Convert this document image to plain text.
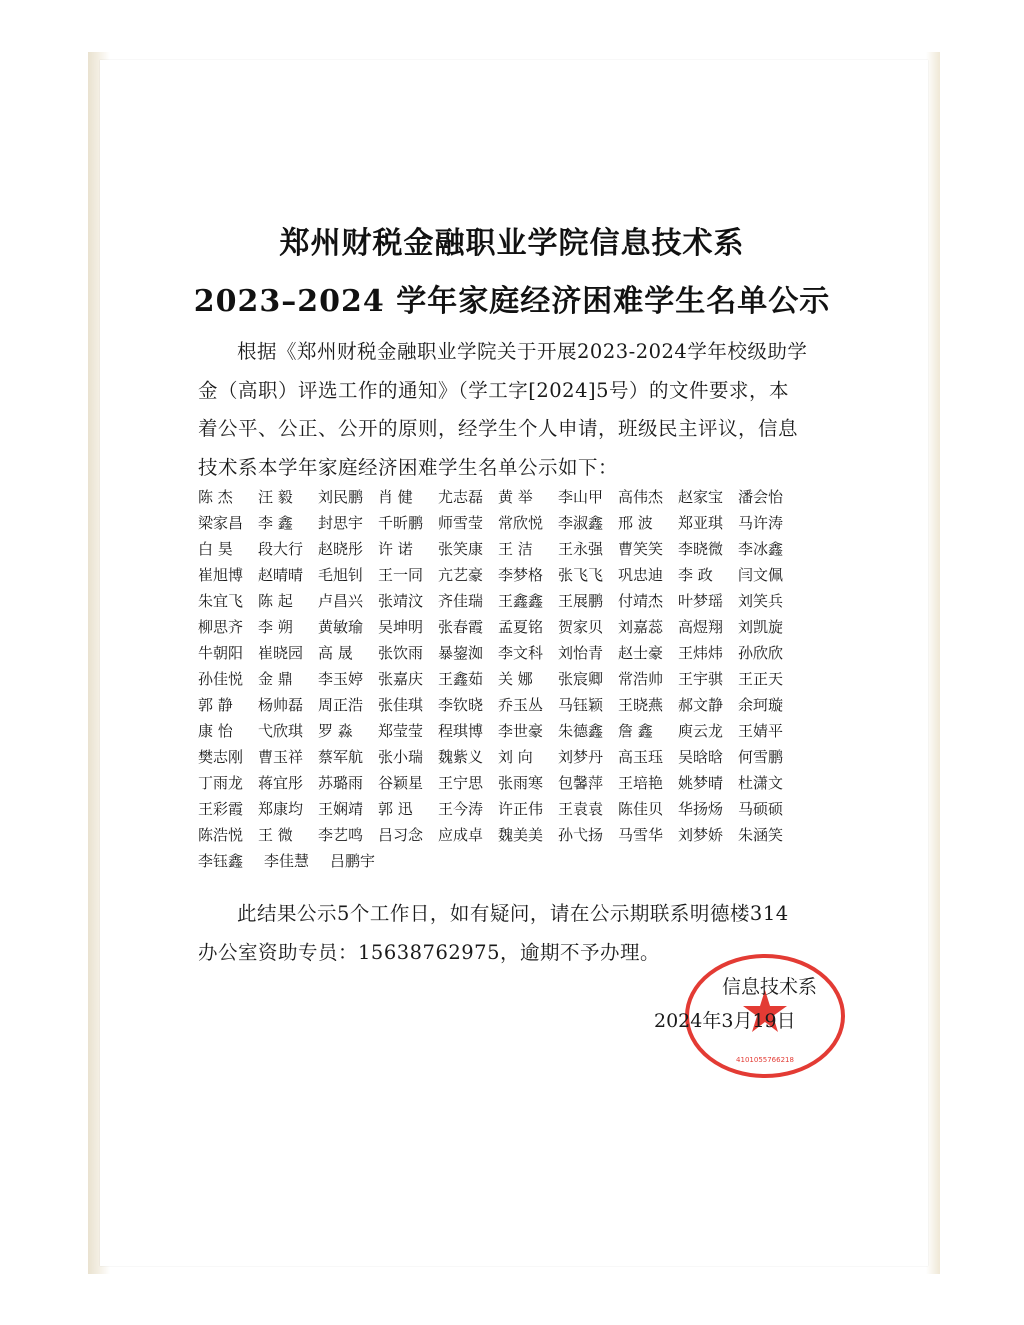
郑州财税金融职业学院信息技术系
2023–2024 学年家庭经济困难学生名单公示
根据《郑州财税金融职业学院关于开展2023-2024学年校级助学金（高职）评选工作的通知》（学工字[2024]5号）的文件要求，本着公平、公正、公开的原则，经学生个人申请，班级民主评议，信息技术系本学年家庭经济困难学生名单公示如下：
陈 杰	汪 毅	刘民鹏 肖 健	尤志磊 黄 举	李山甲 高伟杰 赵家宝 潘会怡
梁家昌 李 鑫	封思宇 千昕鹏 师雪莹 常欣悦 李淑鑫 邢 波	郑亚琪 马许涛
白 昊	段大行 赵晓彤 许 诺	张笑康 王 洁	王永强 曹笑笑 李晓微 李冰鑫
崔旭博 赵晴晴 毛旭钊 王一同 亢艺豪 李梦格 张飞飞 巩忠迪 李 政	闫文佩
朱宜飞 陈 起	卢昌兴 张靖汶 齐佳瑞 王鑫鑫 王展鹏 付靖杰 叶梦瑶 刘笑兵
柳思齐 李 朔	黄敏瑜 吴坤明 张春霞 孟夏铭 贺家贝 刘嘉蕊 高煜翔 刘凯旋
牛朝阳 崔晓园 高 晟	张饮雨 暴鋆洳 李文科 刘怡青 赵士豪 王炜炜 孙欣欣
孙佳悦 金 鼎	李玉婷 张嘉庆 王鑫茹 关 娜	张宸卿 常浩帅 王宇骐 王正天
郭 静	杨帅磊 周正浩 张佳琪 李钦晓 乔玉丛 马钰颖 王晓燕 郝文静 余珂璇
康 怡	弋欣琪 罗 淼	郑莹莹 程琪博 李世豪 朱德鑫 詹 鑫	庾云龙 王婧平
樊志刚 曹玉祥 蔡军航 张小瑞 魏紫义 刘 向	刘梦丹 高玉珏 吴晗晗 何雪鹏
丁雨龙 蒋宜彤 苏璐雨 谷颖星 王宁思 张雨寒 包馨萍 王培艳 姚梦晴 杜潇文
王彩霞 郑康均 王娴靖 郭 迅	王今涛 许正伟 王袁袁 陈佳贝 华扬炀 马硕硕
陈浩悦 王 微	李艺鸣 吕习念 应成卓 魏美美 孙弋扬 马雪华 刘梦娇 朱涵笑
李钰鑫	李佳慧	吕鹏宇
此结果公示5个工作日，如有疑问，请在公示期联系明德楼314办公室资助专员：15638762975，逾期不予办理。
4101055766218
信息技术系
2024年3月19日
